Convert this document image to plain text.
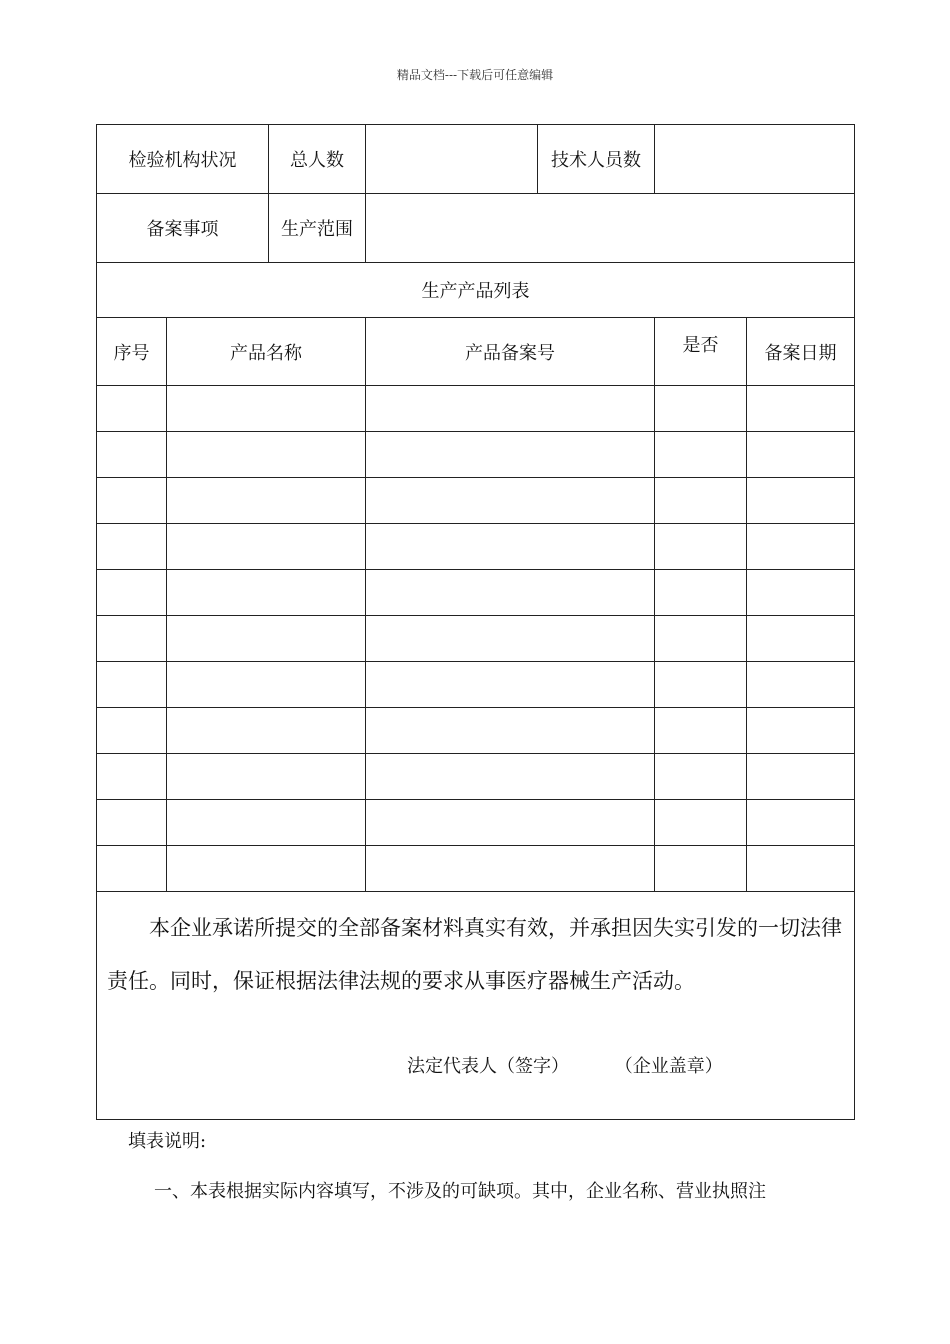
精品文档---下载后可任意编辑
检验机构状况		总人数		技术人员数		
备案事项		生产范围				
生产产品列表						
序号	产品名称		产品备案号		是否	备案日期

本企业承诺所提交的全部备案材料真实有效，并承担因失实引发的一切法律责任。同时，保证根据法律法规的要求从事医疗器械生产活动。

法定代表人（签字） （企业盖章）						
填表说明:
一、本表根据实际内容填写，不涉及的可缺项。其中，企业名称、营业执照注
